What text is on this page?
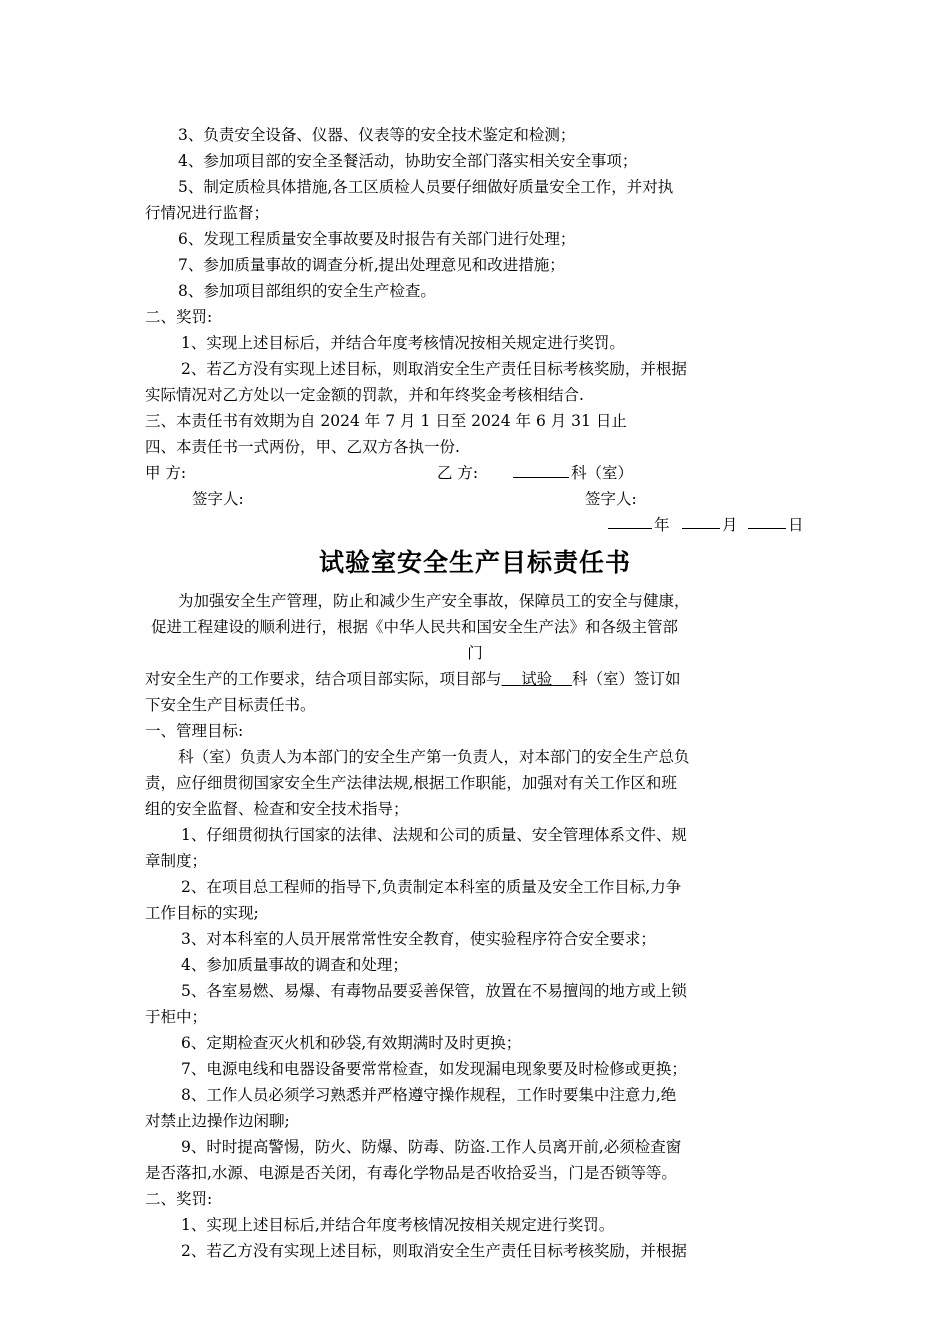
3、负责安全设备、仪器、仪表等的安全技术鉴定和检测；
4、参加项目部的安全圣餐活动，协助安全部门落实相关安全事项；
5、制定质检具体措施,各工区质检人员要仔细做好质量安全工作，并对执
行情况进行监督；
6、发现工程质量安全事故要及时报告有关部门进行处理；
7、参加质量事故的调查分析,提出处理意见和改进措施；
8、参加项目部组织的安全生产检查。
二、奖罚:
1、实现上述目标后，并结合年度考核情况按相关规定进行奖罚。
2、若乙方没有实现上述目标，则取消安全生产责任目标考核奖励，并根据
实际情况对乙方处以一定金额的罚款，并和年终奖金考核相结合.
三、本责任书有效期为自 2024 年 7 月 1 日至 2024 年 6 月 31 日止
四、本责任书一式两份，甲、乙双方各执一份.
甲 方:	乙 方:	科（室）
签字人:	签字人:
年	月	日
试验室安全生产目标责任书
为加强安全生产管理，防止和减少生产安全事故，保障员工的安全与健康，
促进工程建设的顺利进行，根据《中华人民共和国安全生产法》和各级主管部
门
对安全生产的工作要求，结合项目部实际，项目部与 试验 科（室）签订如
下安全生产目标责任书。
一、管理目标:
科（室）负责人为本部门的安全生产第一负责人，对本部门的安全生产总负
责，应仔细贯彻国家安全生产法律法规,根据工作职能，加强对有关工作区和班
组的安全监督、检查和安全技术指导；
1、仔细贯彻执行国家的法律、法规和公司的质量、安全管理体系文件、规
章制度；
2、在项目总工程师的指导下,负责制定本科室的质量及安全工作目标,力争
工作目标的实现;
3、对本科室的人员开展常常性安全教育，使实验程序符合安全要求；
4、参加质量事故的调查和处理；
5、各室易燃、易爆、有毒物品要妥善保管，放置在不易擅闯的地方或上锁
于柜中；
6、定期检查灭火机和砂袋,有效期满时及时更换；
7、电源电线和电器设备要常常检查，如发现漏电现象要及时检修或更换；
8、工作人员必须学习熟悉并严格遵守操作规程，工作时要集中注意力,绝
对禁止边操作边闲聊;
9、时时提高警惕，防火、防爆、防毒、防盗.工作人员离开前,必须检查窗
是否落扣,水源、电源是否关闭，有毒化学物品是否收拾妥当，门是否锁等等。
二、奖罚:
1、实现上述目标后,并结合年度考核情况按相关规定进行奖罚。
2、若乙方没有实现上述目标，则取消安全生产责任目标考核奖励，并根据
